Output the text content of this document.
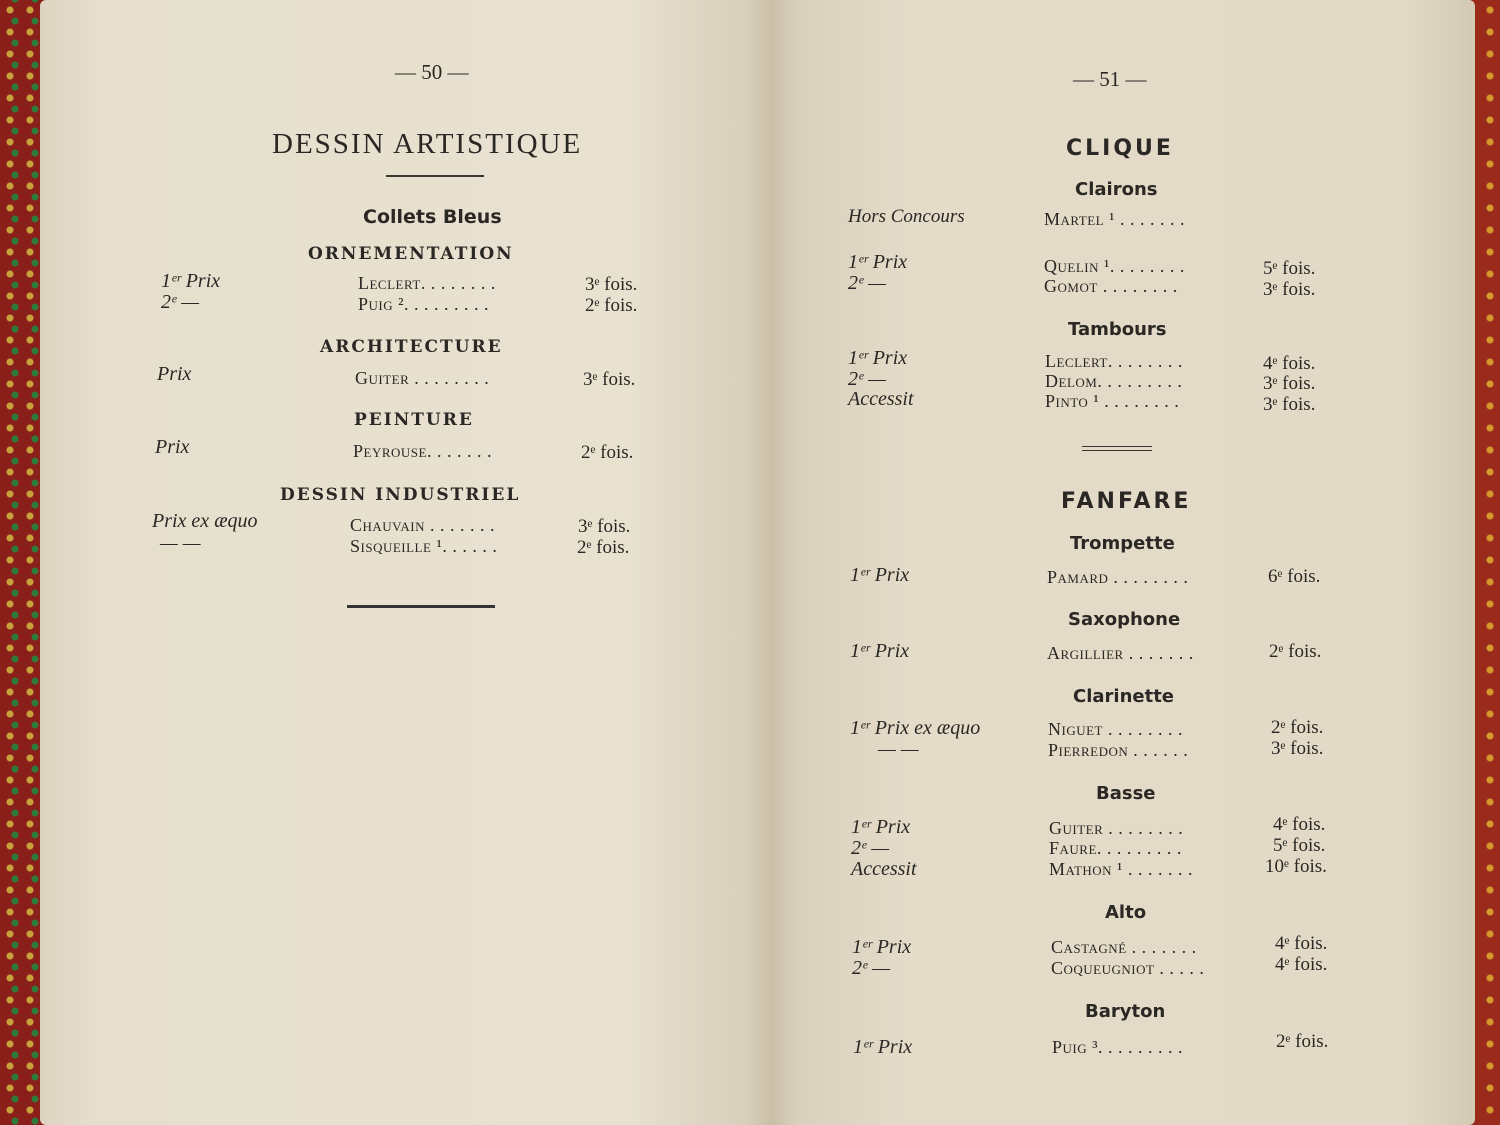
— 50 —
DESSIN ARTISTIQUE
Collets Bleus
ORNEMENTATION
1ᵉʳ Prix	Leclert. . . . . . . .	3ᵉ fois.
2ᵉ —	Puig ². . . . . . . . .	2ᵉ fois.
ARCHITECTURE
Prix	Guiter . . . . . . . .	3ᵉ fois.
PEINTURE
Prix	Peyrouse. . . . . . .	2ᵉ fois.
DESSIN INDUSTRIEL
Prix ex æquo	Chauvain . . . . . . .	3ᵉ fois.
— —	Sisqueille ¹. . . . . .	2ᵉ fois.
— 51 —
CLIQUE
Clairons
Hors Concours	Martel ¹ . . . . . . .
1ᵉʳ Prix	Quelin ¹. . . . . . . .	5ᵉ fois.
2ᵉ —	Gomot . . . . . . . .	3ᵉ fois.
Tambours
1ᵉʳ Prix	Leclert. . . . . . . .	4ᵉ fois.
2ᵉ —	Delom. . . . . . . . .	3ᵉ fois.
Accessit	Pinto ¹ . . . . . . . .	3ᵉ fois.
FANFARE
Trompette
1ᵉʳ Prix	Pamard . . . . . . . .	6ᵉ fois.
Saxophone
1ᵉʳ Prix	Argillier . . . . . . .	2ᵉ fois.
Clarinette
1ᵉʳ Prix ex æquo	Niguet . . . . . . . .	2ᵉ fois.
— —	Pierredon . . . . . .	3ᵉ fois.
Basse
1ᵉʳ Prix	Guiter . . . . . . . .	4ᵉ fois.
2ᵉ —	Faure. . . . . . . . .	5ᵉ fois.
Accessit	Mathon ¹ . . . . . . .	10ᵉ fois.
Alto
1ᵉʳ Prix	Castagné . . . . . . .	4ᵉ fois.
2ᵉ —	Coqueugniot . . . . .	4ᵉ fois.
Baryton
1ᵉʳ Prix	Puig ³. . . . . . . . .	2ᵉ fois.
